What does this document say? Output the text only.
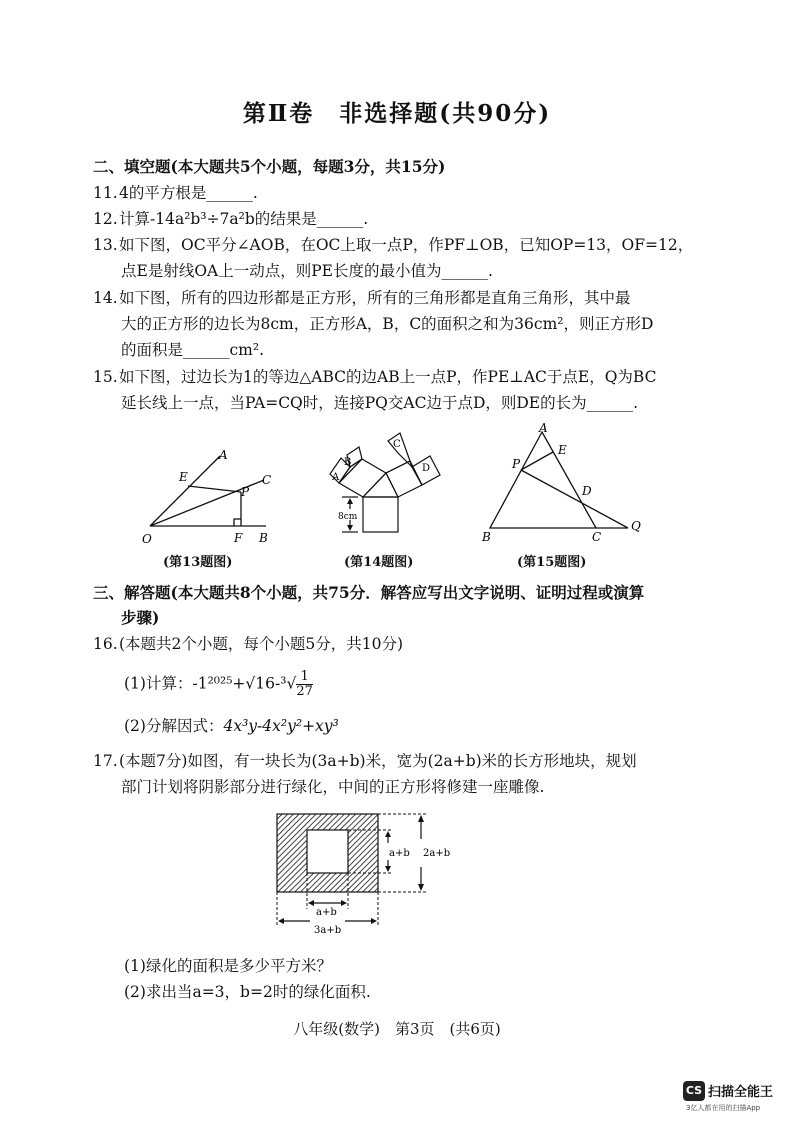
第Ⅱ卷　非选择题(共90分)
二、填空题(本大题共5个小题，每题3分，共15分)
11.4的平方根是______.
12.计算-14a²b³÷7a²b的结果是______.
13.如下图，OC平分∠AOB，在OC上取一点P，作PF⊥OB，已知OP=13，OF=12，
点E是射线OA上一动点，则PE长度的最小值为______.
14.如下图，所有的四边形都是正方形，所有的三角形都是直角三角形，其中最
大的正方形的边长为8cm，正方形A，B，C的面积之和为36cm²，则正方形D
的面积是______cm².
15.如下图，过边长为1的等边△ABC的边AB上一点P，作PE⊥AC于点E，Q为BC
延长线上一点，当PA=CQ时，连接PQ交AC边于点D，则DE的长为______.
A
C
E
P
O	F B
(第13题图)
A
B
C
D
8cm
(第14题图)
A
E
P
D
B	C
Q
(第15题图)
三、解答题(本大题共8个小题，共75分．解答应写出文字说明、证明过程或演算
步骤)
16.(本题共2个小题，每个小题5分，共10分)
(1)计算：$-1^{2025}+√16-^3√ \frac{1}{27}$
(2)分解因式：4x³y-4x²y²+xy³
17.(本题7分)如图，有一块长为(3a+b)米，宽为(2a+b)米的长方形地块，规划
部门计划将阴影部分进行绿化，中间的正方形将修建一座雕像.
a+b 2a+b
a+b
3a+b
(1)绿化的面积是多少平方米？
(2)求出当a=3，b=2时的绿化面积.
八年级(数学)　第3页　(共6页)
CS 扫描全能王
3亿人都在用的扫描App
